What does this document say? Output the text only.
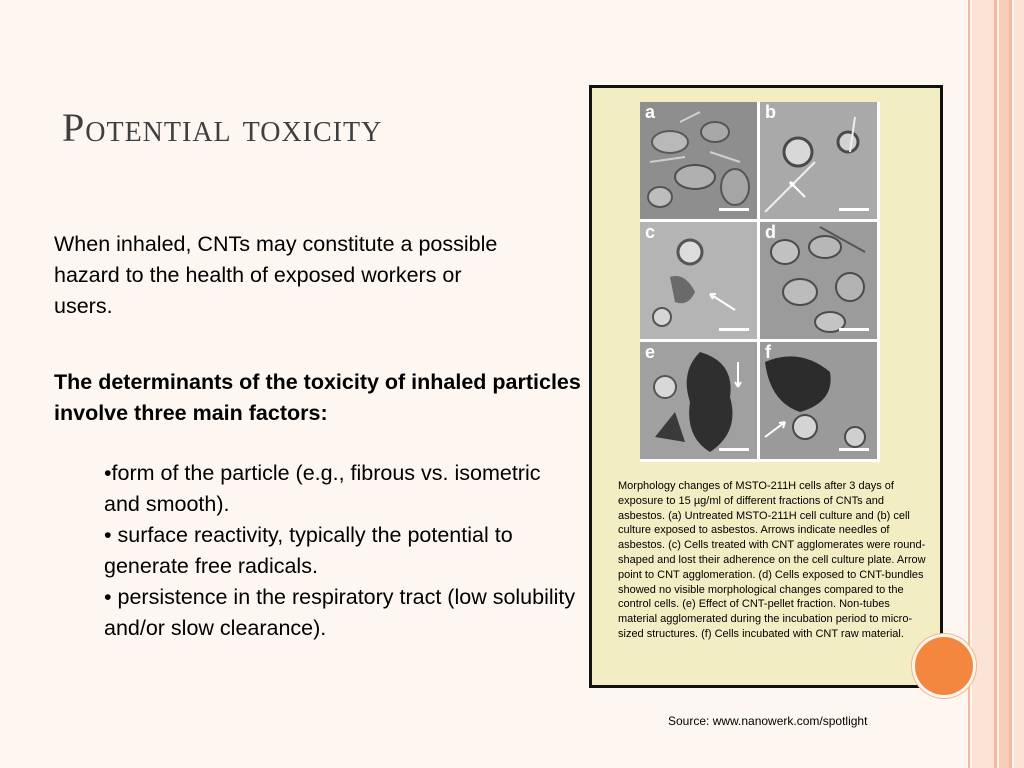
Potential toxicity
When inhaled, CNTs may constitute a possible hazard to the health of exposed workers or users.
The determinants of the toxicity of inhaled particles involve three main factors:
•form of the particle (e.g., fibrous vs. isometric and smooth).
• surface reactivity, typically the potential to generate free radicals.
• persistence in the respiratory tract (low solubility and/or slow clearance).
a	b
c	d
e	f
Morphology changes of MSTO-211H cells after 3 days of exposure to 15 µg/ml of different fractions of CNTs and asbestos. (a) Untreated MSTO-211H cell culture and (b) cell culture exposed to asbestos. Arrows indicate needles of asbestos. (c) Cells treated with CNT agglomerates were round-shaped and lost their adherence on the cell culture plate. Arrow point to CNT agglomeration. (d) Cells exposed to CNT-bundles showed no visible morphological changes compared to the control cells. (e) Effect of CNT-pellet fraction. Non-tubes material agglomerated during the incubation period to micro-sized structures. (f) Cells incubated with CNT raw material.
Source: www.nanowerk.com/spotlight
